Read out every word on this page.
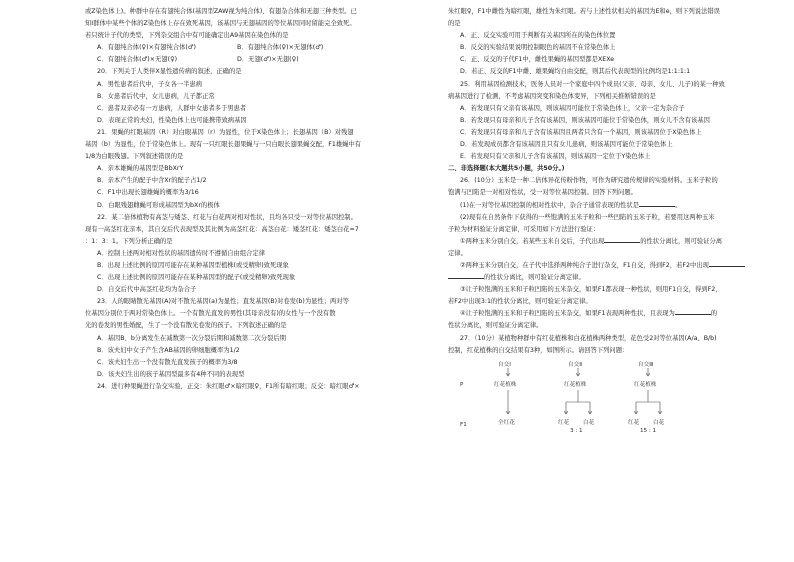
或Z染色体上)。种群中存在有翅纯合体(基因型ZAW视为纯合体)、有翅杂合体和无翅三种类型。已
知Ⅰ群体中某些个体的Z染色体上存在致死基因，该基因与无翅基因的等位基因同时留能完全致死。
若只统计子代的类型，下列杂交组合中有可能确定出A9基因在染色体的是
A．有翅纯合体(♀)×有翅纯合体(♂)	B．有翅纯合体(♀)×无翅体(♂)
C．有翅纯合体(♂)×无翅(♀)	D．无翅(♂)×无翅(♀)
20．下列关于人类伴X显性遗传病的叙述，正确的是
A．男性患者后代中，子女各一半患病
B．女患者后代中，女儿患病，儿子都正常
C．患者双亲必有一方患病，人群中女患者多于男患者
D．表现正常的夫妇，性染色体上也可能携带致病基因
21．果蝇的红眼基因（R）对白眼基因（r）为显性，位于X染色体上；长翅基因（B）对残翅
基因（b）为显性，位于常染色体上。现有一只红眼长翅果蝇与一只白眼长翅果蝇交配，F1雄蝇中有
1/8为白眼残翅。下列叙述错误的是
A．亲本雄蝇的基因型是BbXrY
B．亲本产生的配子中含Xr的配子占1/2
C．F1中出现长翅雄蝇的概率为3/16
D．白眼残翅雌蝇可形成基因型为bXr的极体
22．某二倍体植物有高茎与矮茎、红花与白花两对相对性状，且均各只受一对等位基因控制。
现有一高茎红花亲本，其自交后代表现型及其比例为高茎红花：高茎白花：矮茎红花：矮茎白花=7
：1：3：1。下列分析正确的是
A．控制上述两对相对性状的基因遗传时不遵循自由组合定律
B．出现上述比例的原因可能存在某种基因型植株(或受精卵)致死现象
C．出现上述比例的原因可能存在某种基因型的配子(或受精卵)致死现象
D．自交后代中高茎红花均为杂合子
23．人的眼睛散光基因(A)对不散光基因(a)为显性；直发基因(B)对卷发(b)为显性；两对等
位基因分别位于两对常染色体上。一个有散光直发的男性(其母亲没有)的女性与一个没有散
光的卷发的男性婚配，生了一个没有散光卷发的孩子。下列叙述正确的是
A．基因B、b分离发生在减数第一次分裂后期和减数第二次分裂后期
B．该夫妇中女子产生含AB基因的卵细胞概率为1/2
C．该夫妇生出一个没有散光直发孩子的概率为3/8
D．该夫妇生出的孩子基因型最多有4种不同的表现型
24．进行种果蝇进行杂交实验，正交：朱红眼♂×暗红眼♀，F1所有暗红眼；反交：暗红眼♂×
朱红眼♀，F1中雌性为暗红眼，雄性为朱红眼。若与上述性状相关的基因为E和e，则下列说法错误
的是
A．正、反交实验可用于判断有关基因所在的染色体位置
B．反交的实验结果说明控制眼色的基因不在常染色体上
C．正、反交的子代F1中，雌性果蝇的基因型都是XEXe
D．若正、反交的F1中雌、雄果蝇均自由交配，则其后代表现型的比例均是1:1:1:1
25．利用基因检测技术，医务人员对一个家庭中四个成员(父亲、母亲、女儿、儿子)的某一种致
病基因进行了检测，不考虑基因突变和染色体变异，下列相关推断错误的是
A．若发现只有父亲有该基因，则该基因可能位于常染色体上，父亲一定为杂合子
B．若发现只有母亲和儿子含有该基因，则该基因可能位于常染色体，则女儿不含有该基因
C．若发现只有母亲和儿子含有该基因且两者只含有一个基因，则该基因位于X染色体上
D．若发现成员都含有该基因且只有女儿患病，则该基因可能位于常染色体上
E．若发现只有父亲和儿子含有该基因，则该基因一定位于Y染色体上
二、非选择题(本大题共5小题，共50分。)
26．(10分）玉米是一种二倍体异花传粉作物，可作为研究遗传规律的实验材料。玉米子粒的
饱满与凹陷是一对相对性状，受一对等位基因控制。回答下列问题。
(1)在一对等位基因控制的相对性状中，杂合子通常表现的性状是	。
(2)现有在自然条件下获得的一些饱满的玉米子粒和一些凹陷的玉米子粒，若要用这两种玉米
子粒为材料验证分离定律，可采用如下方法进行验证：
①两种玉米分别自交，若某些玉米自交后，子代出现	的性状分离比，则可验证分离
定律。
②两种玉米分别自交，在子代中选择两种纯合子进行杂交，F1自交，得到F2，若F2中出现
的性状分离比，则可验证分离定律。
③让子粒饱满的玉米和子粒凹陷的玉米杂交，如果F1都表现一种性状，则用F1自交，得到F2，
若F2中出现3:1的性状分离比，则可验证分离定律。
④让子粒饱满的玉米和子粒凹陷的玉米杂交，如果F1表现两种性状，且表现为	的
性状分离比，则可验证分离定律。
27．（10分）某植物种群中有红花植株和白花植株两种类型，花色受2对等位基因(A/a、B/b)
控制，红花植株的自交结果有3种，如图所示。请回答下列问题：
P
F1
自交Ⅰ
红花植株
全红花
自交Ⅱ
红花植株
红花 白花
3 : 1
自交Ⅲ
红花植株
红花 白花
15 : 1
